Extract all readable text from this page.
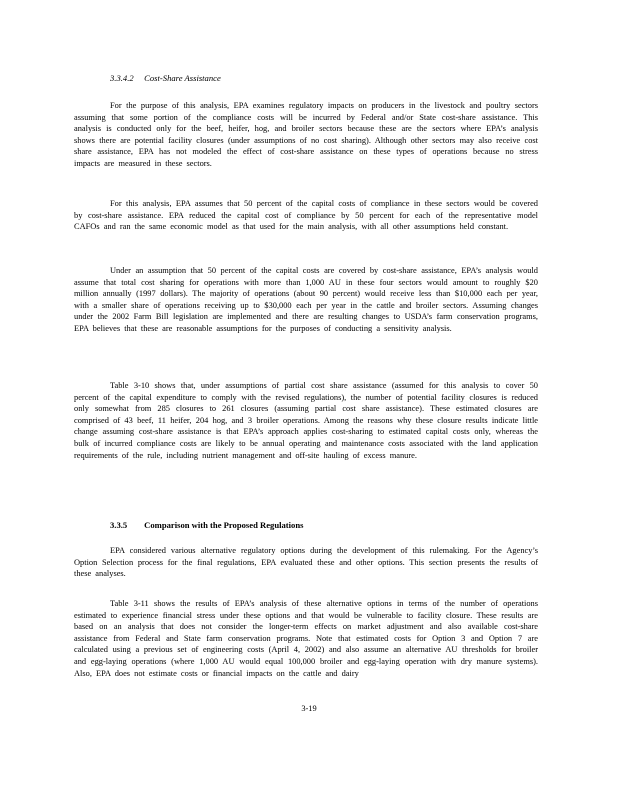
3.3.4.2 Cost-Share Assistance

For the purpose of this analysis, EPA examines regulatory impacts on producers in the livestock and poultry sectors assuming that some portion of the compliance costs will be incurred by Federal and/or State cost-share assistance. This analysis is conducted only for the beef, heifer, hog, and broiler sectors because these are the sectors where EPA’s analysis shows there are potential facility closures (under assumptions of no cost sharing). Although other sectors may also receive cost share assistance, EPA has not modeled the effect of cost-share assistance on these types of operations because no stress impacts are measured in these sectors.

For this analysis, EPA assumes that 50 percent of the capital costs of compliance in these sectors would be covered by cost-share assistance. EPA reduced the capital cost of compliance by 50 percent for each of the representative model CAFOs and ran the same economic model as that used for the main analysis, with all other assumptions held constant.

Under an assumption that 50 percent of the capital costs are covered by cost-share assistance, EPA’s analysis would assume that total cost sharing for operations with more than 1,000 AU in these four sectors would amount to roughly $20 million annually (1997 dollars). The majority of operations (about 90 percent) would receive less than $10,000 each per year, with a smaller share of operations receiving up to $30,000 each per year in the cattle and broiler sectors. Assuming changes under the 2002 Farm Bill legislation are implemented and there are resulting changes to USDA’s farm conservation programs, EPA believes that these are reasonable assumptions for the purposes of conducting a sensitivity analysis.

Table 3-10 shows that, under assumptions of partial cost share assistance (assumed for this analysis to cover 50 percent of the capital expenditure to comply with the revised regulations), the number of potential facility closures is reduced only somewhat from 285 closures to 261 closures (assuming partial cost share assistance). These estimated closures are comprised of 43 beef, 11 heifer, 204 hog, and 3 broiler operations. Among the reasons why these closure results indicate little change assuming cost-share assistance is that EPA’s approach applies cost-sharing to estimated capital costs only, whereas the bulk of incurred compliance costs are likely to be annual operating and maintenance costs associated with the land application requirements of the rule, including nutrient management and off-site hauling of excess manure.

3.3.5 Comparison with the Proposed Regulations

EPA considered various alternative regulatory options during the development of this rulemaking. For the Agency’s Option Selection process for the final regulations, EPA evaluated these and other options. This section presents the results of these analyses.

Table 3-11 shows the results of EPA’s analysis of these alternative options in terms of the number of operations estimated to experience financial stress under these options and that would be vulnerable to facility closure. These results are based on an analysis that does not consider the longer-term effects on market adjustment and also available cost-share assistance from Federal and State farm conservation programs. Note that estimated costs for Option 3 and Option 7 are calculated using a previous set of engineering costs (April 4, 2002) and also assume an alternative AU thresholds for broiler and egg-laying operations (where 1,000 AU would equal 100,000 broiler and egg-laying operation with dry manure systems). Also, EPA does not estimate costs or financial impacts on the cattle and dairy

3-19
